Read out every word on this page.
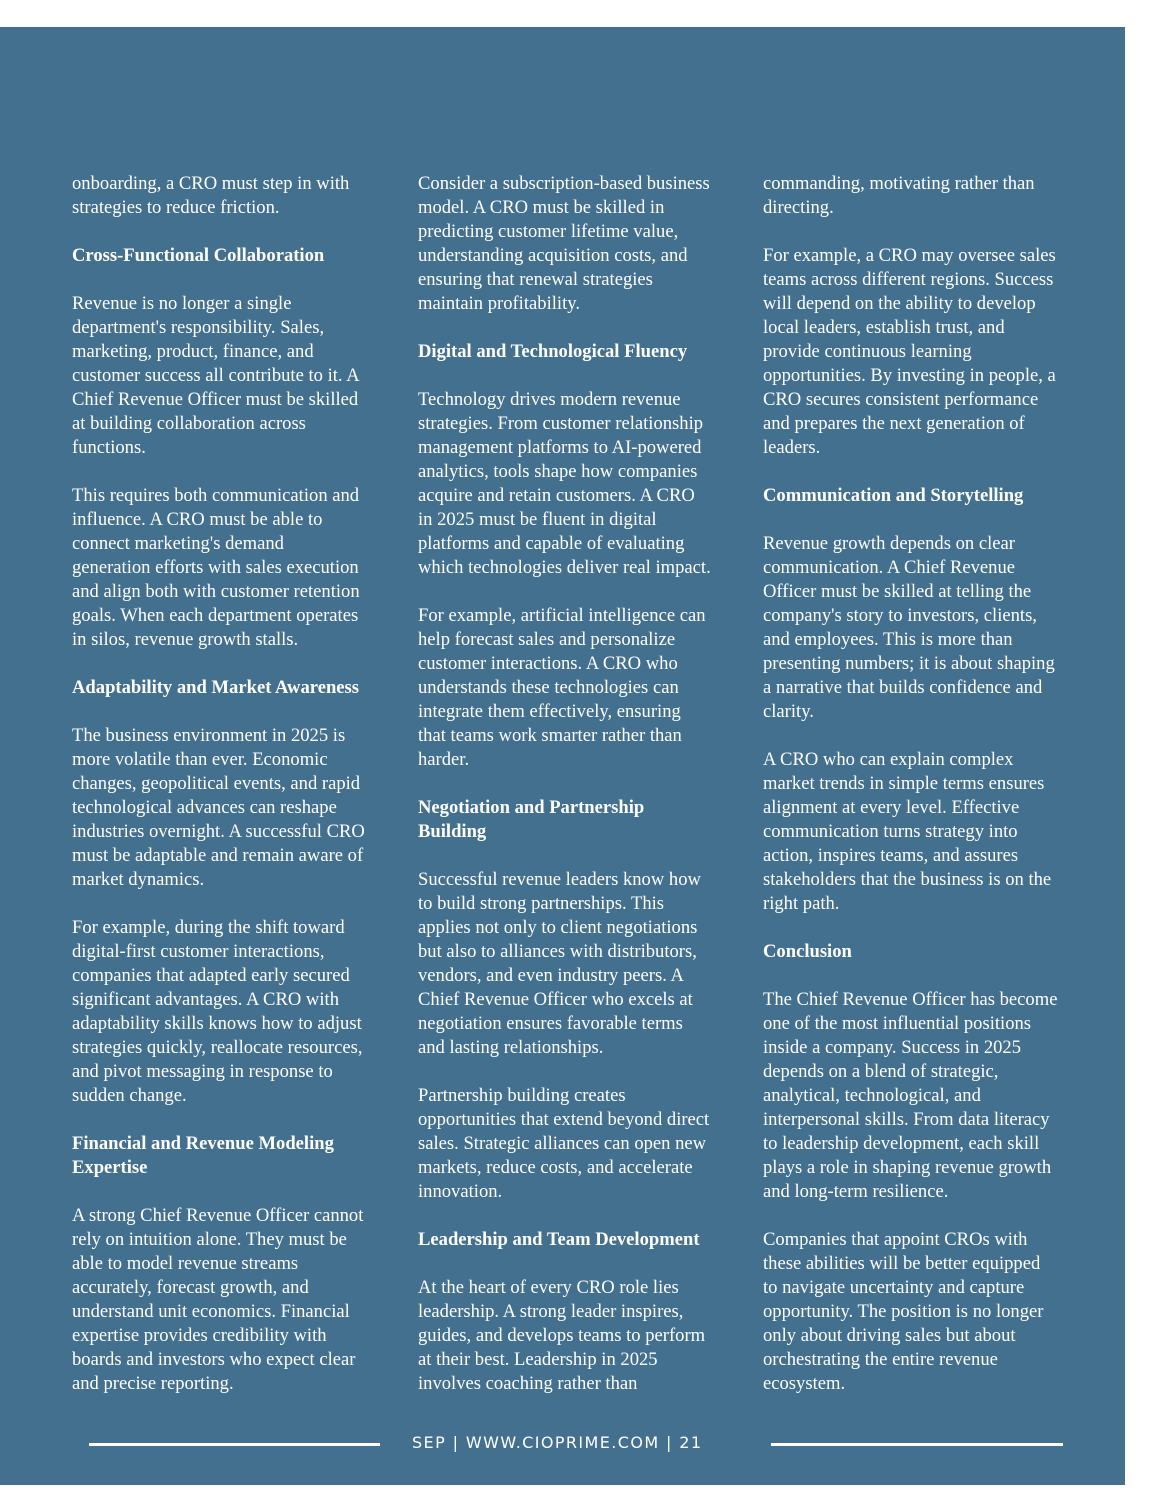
onboarding, a CRO must step in with
strategies to reduce friction.

Cross-Functional Collaboration

Revenue is no longer a single
department's responsibility. Sales,
marketing, product, finance, and
customer success all contribute to it. A
Chief Revenue Officer must be skilled
at building collaboration across
functions.

This requires both communication and
influence. A CRO must be able to
connect marketing's demand
generation efforts with sales execution
and align both with customer retention
goals. When each department operates
in silos, revenue growth stalls.

Adaptability and Market Awareness

The business environment in 2025 is
more volatile than ever. Economic
changes, geopolitical events, and rapid
technological advances can reshape
industries overnight. A successful CRO
must be adaptable and remain aware of
market dynamics.

For example, during the shift toward
digital-first customer interactions,
companies that adapted early secured
significant advantages. A CRO with
adaptability skills knows how to adjust
strategies quickly, reallocate resources,
and pivot messaging in response to
sudden change.

Financial and Revenue Modeling
Expertise

A strong Chief Revenue Officer cannot
rely on intuition alone. They must be
able to model revenue streams
accurately, forecast growth, and
understand unit economics. Financial
expertise provides credibility with
boards and investors who expect clear
and precise reporting.

Consider a subscription-based business
model. A CRO must be skilled in
predicting customer lifetime value,
understanding acquisition costs, and
ensuring that renewal strategies
maintain profitability.

Digital and Technological Fluency

Technology drives modern revenue
strategies. From customer relationship
management platforms to AI-powered
analytics, tools shape how companies
acquire and retain customers. A CRO
in 2025 must be fluent in digital
platforms and capable of evaluating
which technologies deliver real impact.

For example, artificial intelligence can
help forecast sales and personalize
customer interactions. A CRO who
understands these technologies can
integrate them effectively, ensuring
that teams work smarter rather than
harder.

Negotiation and Partnership
Building

Successful revenue leaders know how
to build strong partnerships. This
applies not only to client negotiations
but also to alliances with distributors,
vendors, and even industry peers. A
Chief Revenue Officer who excels at
negotiation ensures favorable terms
and lasting relationships.

Partnership building creates
opportunities that extend beyond direct
sales. Strategic alliances can open new
markets, reduce costs, and accelerate
innovation.

Leadership and Team Development

At the heart of every CRO role lies
leadership. A strong leader inspires,
guides, and develops teams to perform
at their best. Leadership in 2025
involves coaching rather than

commanding, motivating rather than
directing.

For example, a CRO may oversee sales
teams across different regions. Success
will depend on the ability to develop
local leaders, establish trust, and
provide continuous learning
opportunities. By investing in people, a
CRO secures consistent performance
and prepares the next generation of
leaders.

Communication and Storytelling

Revenue growth depends on clear
communication. A Chief Revenue
Officer must be skilled at telling the
company's story to investors, clients,
and employees. This is more than
presenting numbers; it is about shaping
a narrative that builds confidence and
clarity.

A CRO who can explain complex
market trends in simple terms ensures
alignment at every level. Effective
communication turns strategy into
action, inspires teams, and assures
stakeholders that the business is on the
right path.

Conclusion

The Chief Revenue Officer has become
one of the most influential positions
inside a company. Success in 2025
depends on a blend of strategic,
analytical, technological, and
interpersonal skills. From data literacy
to leadership development, each skill
plays a role in shaping revenue growth
and long-term resilience.

Companies that appoint CROs with
these abilities will be better equipped
to navigate uncertainty and capture
opportunity. The position is no longer
only about driving sales but about
orchestrating the entire revenue
ecosystem.

SEP | WWW.CIOPRIME.COM | 21
